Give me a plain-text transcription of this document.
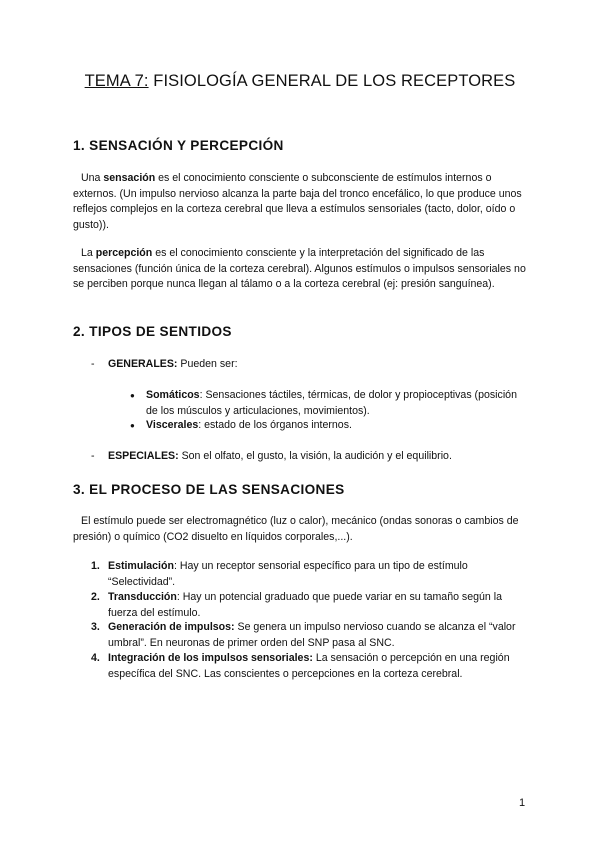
TEMA 7: FISIOLOGÍA GENERAL DE LOS RECEPTORES
1. SENSACIÓN Y PERCEPCIÓN

Una sensación es el conocimiento consciente o subconsciente de estímulos internos o externos. (Un impulso nervioso alcanza la parte baja del tronco encefálico, lo que produce unos reflejos complejos en la corteza cerebral que lleva a estímulos sensoriales (tacto, dolor, oído o gusto)).

La percepción es el conocimiento consciente y la interpretación del significado de las sensaciones (función única de la corteza cerebral). Algunos estímulos o impulsos sensoriales no se perciben porque nunca llegan al tálamo o a la corteza cerebral (ej: presión sanguínea).

2. TIPOS DE SENTIDOS
- GENERALES: Pueden ser:
● Somáticos: Sensaciones táctiles, térmicas, de dolor y propioceptivas (posición de los músculos y articulaciones, movimientos).

● Viscerales: estado de los órganos internos.

- ESPECIALES: Son el olfato, el gusto, la visión, la audición y el equilibrio.
3. EL PROCESO DE LAS SENSACIONES

El estímulo puede ser electromagnético (luz o calor), mecánico (ondas sonoras o cambios de presión) o químico (CO2 disuelto en líquidos corporales,...).

1. Estimulación: Hay un receptor sensorial específico para un tipo de estímulo “Selectividad”.

2. Transducción: Hay un potencial graduado que puede variar en su tamaño según la fuerza del estímulo.

3. Generación de impulsos: Se genera un impulso nervioso cuando se alcanza el “valor umbral”. En neuronas de primer orden del SNP pasa al SNC.

4. Integración de los impulsos sensoriales: La sensación o percepción en una región específica del SNC. Las conscientes o percepciones en la corteza cerebral.

1
